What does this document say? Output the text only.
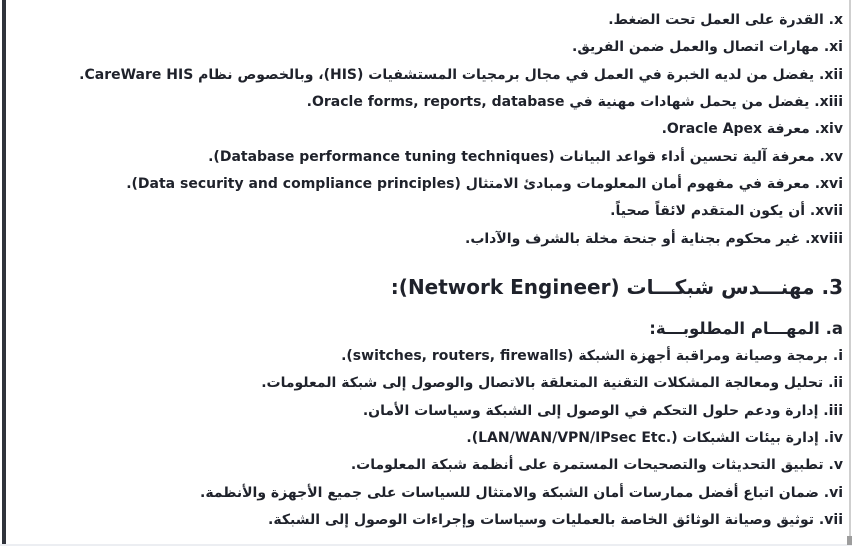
x. القدرة على العمل تحت الضغط.
xi. مهارات اتصال والعمل ضمن الفريق.
xii. يفضل من لديه الخبرة في العمل في مجال برمجيات المستشفيات (HIS)، وبالخصوص نظام CareWare HIS.
xiii. يفضل من يحمل شهادات مهنية في Oracle forms, reports, database.
xiv. معرفة Oracle Apex.
xv. معرفة آلية تحسين أداء قواعد البيانات (Database performance tuning techniques).
xvi. معرفة في مفهوم أمان المعلومات ومبادئ الامتثال (Data security and compliance principles).
xvii. أن يكون المتقدم لائقاً صحياً.
xviii. غير محكوم بجناية أو جنحة مخلة بالشرف والآداب.
3. مهنـــدس شبكـــات (Network Engineer):
a. المهـــام المطلوبـــة:
i. برمجة وصيانة ومراقبة أجهزة الشبكة (switches, routers, firewalls).
ii. تحليل ومعالجة المشكلات التقنية المتعلقة بالاتصال والوصول إلى شبكة المعلومات.
iii. إدارة ودعم حلول التحكم في الوصول إلى الشبكة وسياسات الأمان.
iv. إدارة بيئات الشبكات (LAN/WAN/VPN/IPsec Etc.‎).
v. تطبيق التحديثات والتصحيحات المستمرة على أنظمة شبكة المعلومات.
vi. ضمان اتباع أفضل ممارسات أمان الشبكة والامتثال للسياسات على جميع الأجهزة والأنظمة.
vii. توثيق وصيانة الوثائق الخاصة بالعمليات وسياسات وإجراءات الوصول إلى الشبكة.
